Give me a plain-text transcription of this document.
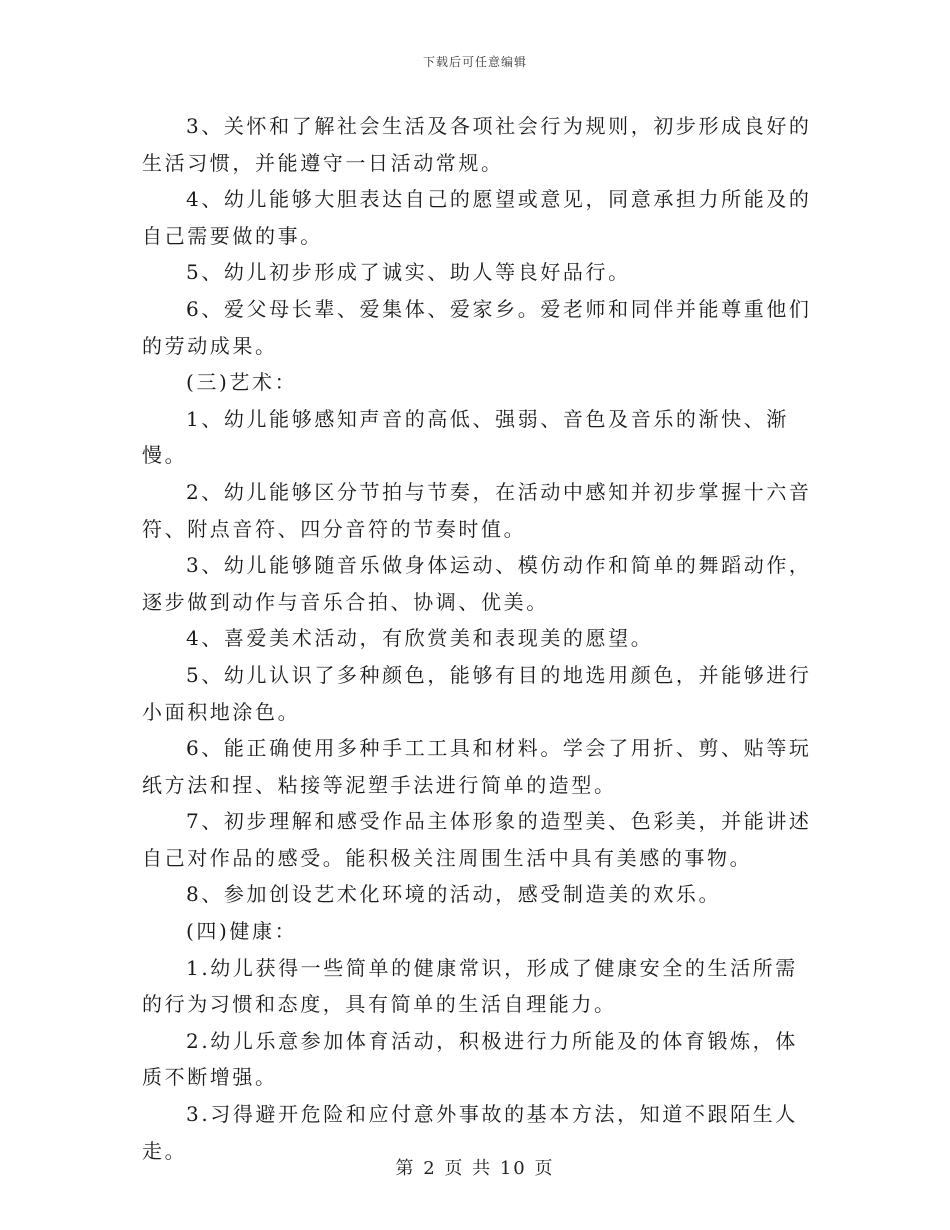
下载后可任意编辑

3、关怀和了解社会生活及各项社会行为规则，初步形成良好的生活习惯，并能遵守一日活动常规。

4、幼儿能够大胆表达自己的愿望或意见，同意承担力所能及的自己需要做的事。

5、幼儿初步形成了诚实、助人等良好品行。

6、爱父母长辈、爱集体、爱家乡。爱老师和同伴并能尊重他们的劳动成果。

(三)艺术：

1、幼儿能够感知声音的高低、强弱、音色及音乐的渐快、渐慢。

2、幼儿能够区分节拍与节奏，在活动中感知并初步掌握十六音符、附点音符、四分音符的节奏时值。

3、幼儿能够随音乐做身体运动、模仿动作和简单的舞蹈动作，逐步做到动作与音乐合拍、协调、优美。

4、喜爱美术活动，有欣赏美和表现美的愿望。

5、幼儿认识了多种颜色，能够有目的地选用颜色，并能够进行小面积地涂色。

6、能正确使用多种手工工具和材料。学会了用折、剪、贴等玩纸方法和捏、粘接等泥塑手法进行简单的造型。

7、初步理解和感受作品主体形象的造型美、色彩美，并能讲述自己对作品的感受。能积极关注周围生活中具有美感的事物。

8、参加创设艺术化环境的活动，感受制造美的欢乐。

(四)健康：

1.幼儿获得一些简单的健康常识，形成了健康安全的生活所需的行为习惯和态度，具有简单的生活自理能力。

2.幼儿乐意参加体育活动，积极进行力所能及的体育锻炼，体质不断增强。

3.习得避开危险和应付意外事故的基本方法，知道不跟陌生人走。

第 2 页 共 10 页
